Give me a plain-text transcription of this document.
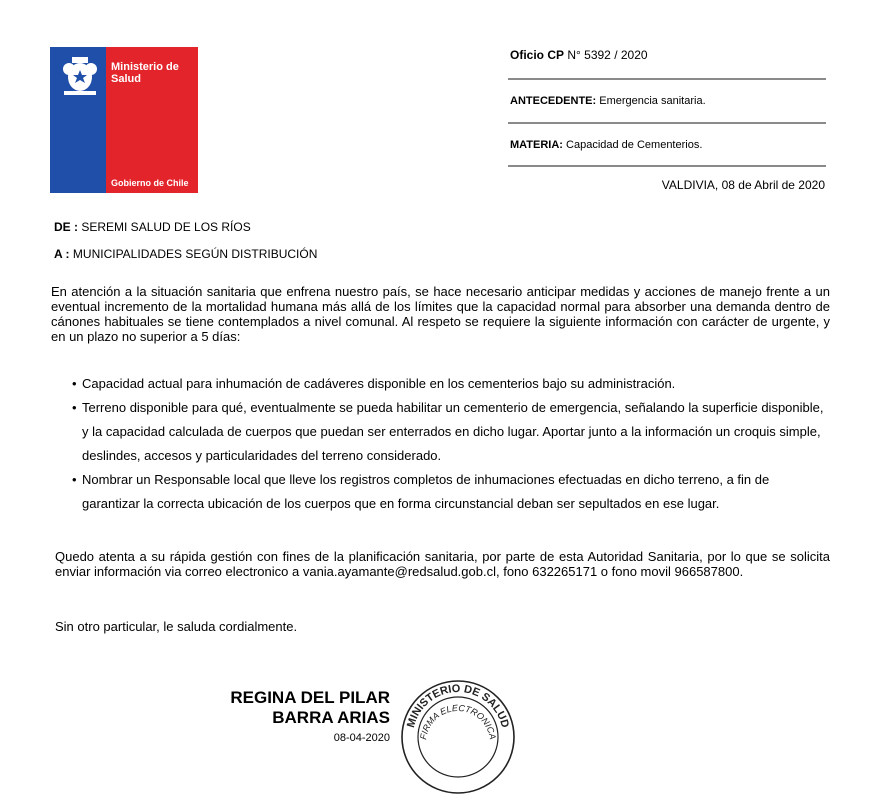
Ministerio de Salud
Gobierno de Chile
Oficio CP N° 5392 / 2020
ANTECEDENTE: Emergencia sanitaria.
MATERIA: Capacidad de Cementerios.
VALDIVIA, 08 de Abril de 2020
DE : SEREMI SALUD DE LOS RÍOS
A : MUNICIPALIDADES SEGÚN DISTRIBUCIÓN
En atención a la situación sanitaria que enfrena nuestro país, se hace necesario anticipar medidas y acciones de manejo frente a un eventual incremento de la mortalidad humana más allá de los límites que la capacidad normal para absorber una demanda dentro de cánones habituales se tiene contemplados a nivel comunal. Al respeto se requiere la siguiente información con carácter de urgente, y en un plazo no superior a 5 días:
• Capacidad actual para inhumación de cadáveres disponible en los cementerios bajo su administración.
• Terreno disponible para qué, eventualmente se pueda habilitar un cementerio de emergencia, señalando la superficie disponible, y la capacidad calculada de cuerpos que puedan ser enterrados en dicho lugar. Aportar junto a la información un croquis simple, deslindes, accesos y particularidades del terreno considerado.
• Nombrar un Responsable local que lleve los registros completos de inhumaciones efectuadas en dicho terreno, a fin de garantizar la correcta ubicación de los cuerpos que en forma circunstancial deban ser sepultados en ese lugar.
Quedo atenta a su rápida gestión con fines de la planificación sanitaria, por parte de esta Autoridad Sanitaria, por lo que se solicita enviar información via correo electronico a vania.ayamante@redsalud.gob.cl, fono 632265171 o fono movil 966587800.
Sin otro particular, le saluda cordialmente.
REGINA DEL PILAR
BARRA ARIAS
08-04-2020
MINISTERIO DE SALUD
FIRMA ELECTRONICA
